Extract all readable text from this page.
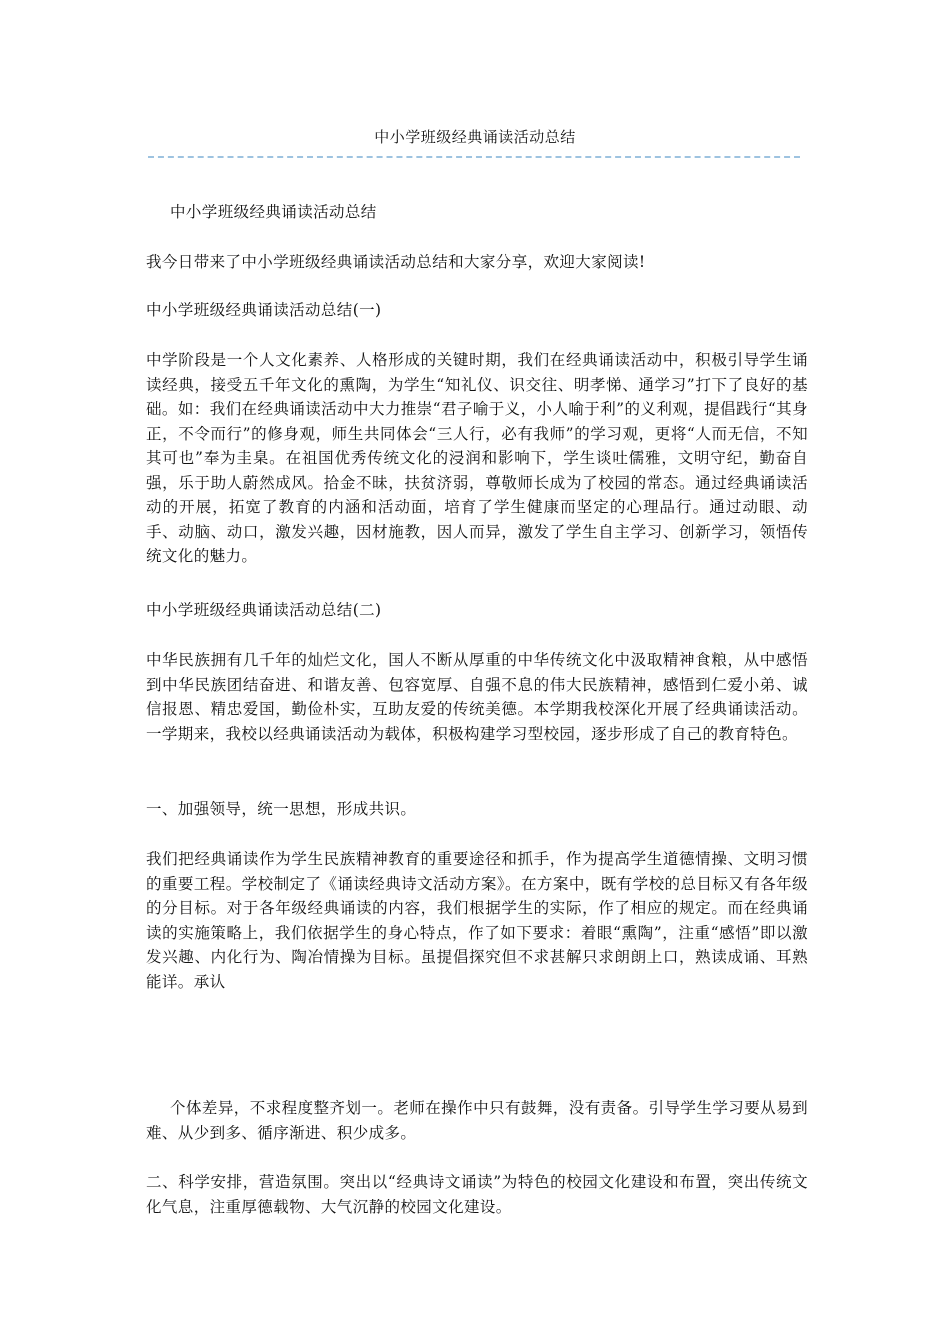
中小学班级经典诵读活动总结

中小学班级经典诵读活动总结

我今日带来了中小学班级经典诵读活动总结和大家分享，欢迎大家阅读!

中小学班级经典诵读活动总结(一)

中学阶段是一个人文化素养、人格形成的关键时期，我们在经典诵读活动中，积极引导学生诵读经典，接受五千年文化的熏陶，为学生“知礼仪、识交往、明孝悌、通学习”打下了良好的基础。如：我们在经典诵读活动中大力推崇“君子喻于义，小人喻于利”的义利观，提倡践行“其身正，不令而行”的修身观，师生共同体会“三人行，必有我师”的学习观，更将“人而无信，不知其可也”奉为圭臬。在祖国优秀传统文化的浸润和影响下，学生谈吐儒雅，文明守纪，勤奋自强，乐于助人蔚然成风。拾金不昧，扶贫济弱，尊敬师长成为了校园的常态。通过经典诵读活动的开展，拓宽了教育的内涵和活动面，培育了学生健康而坚定的心理品行。通过动眼、动手、动脑、动口，激发兴趣，因材施教，因人而异，激发了学生自主学习、创新学习，领悟传统文化的魅力。

中小学班级经典诵读活动总结(二)

中华民族拥有几千年的灿烂文化，国人不断从厚重的中华传统文化中汲取精神食粮，从中感悟到中华民族团结奋进、和谐友善、包容宽厚、自强不息的伟大民族精神，感悟到仁爱小弟、诚信报恩、精忠爱国，勤俭朴实，互助友爱的传统美德。本学期我校深化开展了经典诵读活动。一学期来，我校以经典诵读活动为载体，积极构建学习型校园，逐步形成了自己的教育特色。

一、加强领导，统一思想，形成共识。

我们把经典诵读作为学生民族精神教育的重要途径和抓手，作为提高学生道德情操、文明习惯的重要工程。学校制定了《诵读经典诗文活动方案》。在方案中，既有学校的总目标又有各年级的分目标。对于各年级经典诵读的内容，我们根据学生的实际，作了相应的规定。而在经典诵读的实施策略上，我们依据学生的身心特点，作了如下要求：着眼“熏陶”，注重“感悟”即以激发兴趣、内化行为、陶冶情操为目标。虽提倡探究但不求甚解只求朗朗上口，熟读成诵、耳熟能详。承认

个体差异，不求程度整齐划一。老师在操作中只有鼓舞，没有责备。引导学生学习要从易到难、从少到多、循序渐进、积少成多。

二、科学安排，营造氛围。突出以“经典诗文诵读”为特色的校园文化建设和布置，突出传统文化气息，注重厚德载物、大气沉静的校园文化建设。
